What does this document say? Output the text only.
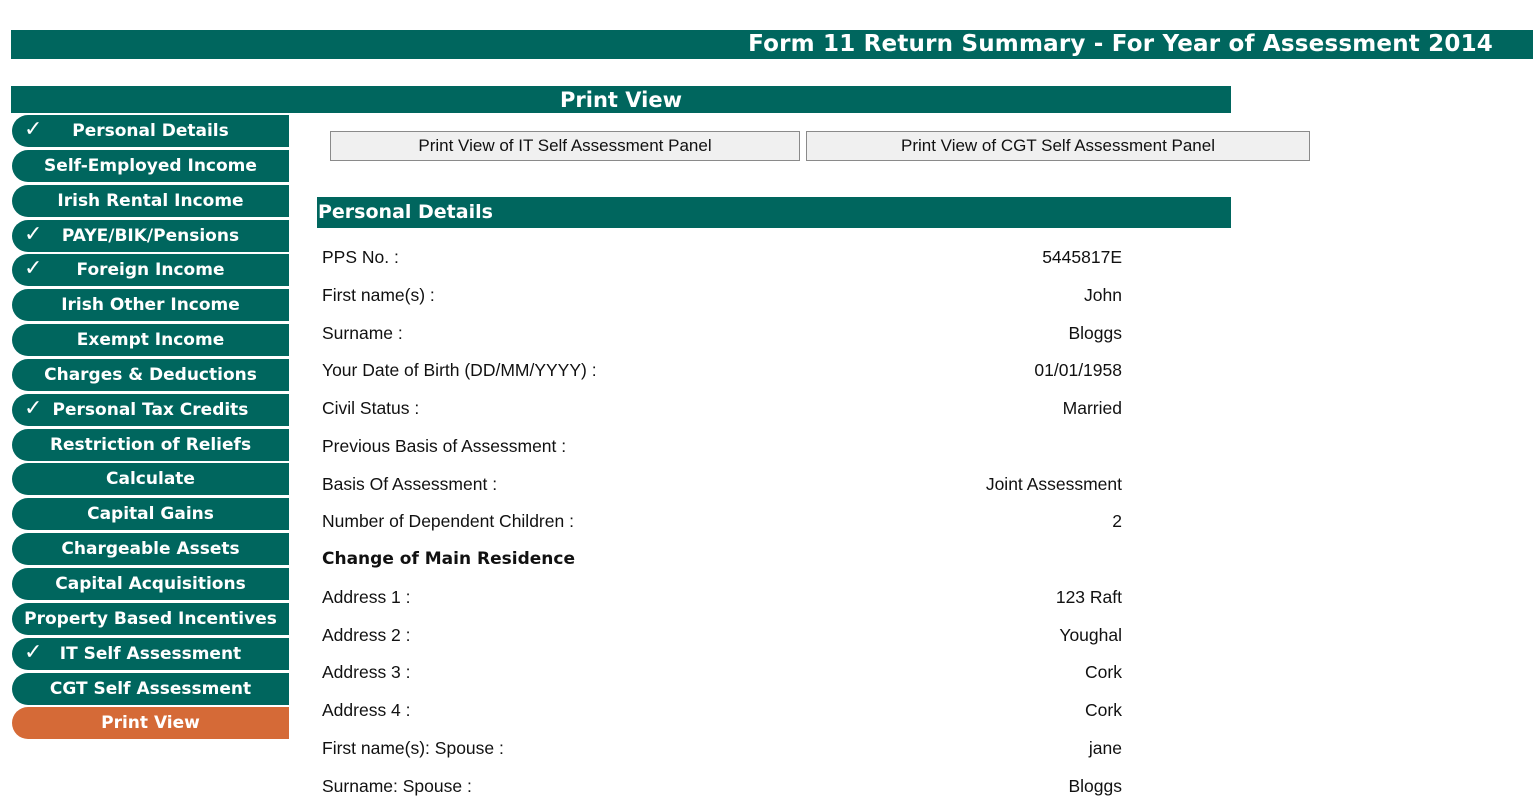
Form 11 Return Summary - For Year of Assessment 2014
Print View
✓ Personal Details
Self-Employed Income
Irish Rental Income
✓ PAYE/BIK/Pensions
✓ Foreign Income
Irish Other Income
Exempt Income
Charges & Deductions
✓ Personal Tax Credits
Restriction of Reliefs
Calculate
Capital Gains
Chargeable Assets
Capital Acquisitions
Property Based Incentives
✓ IT Self Assessment
CGT Self Assessment
Print View
Print View of IT Self Assessment Panel	Print View of CGT Self Assessment Panel
Personal Details
PPS No. :	5445817E
First name(s) :	John
Surname :	Bloggs
Your Date of Birth (DD/MM/YYYY) :	01/01/1958
Civil Status :	Married
Previous Basis of Assessment :
Basis Of Assessment :	Joint Assessment
Number of Dependent Children :	2
Change of Main Residence
Address 1 :	123 Raft
Address 2 :	Youghal
Address 3 :	Cork
Address 4 :	Cork
First name(s): Spouse :	jane
Surname: Spouse :	Bloggs
